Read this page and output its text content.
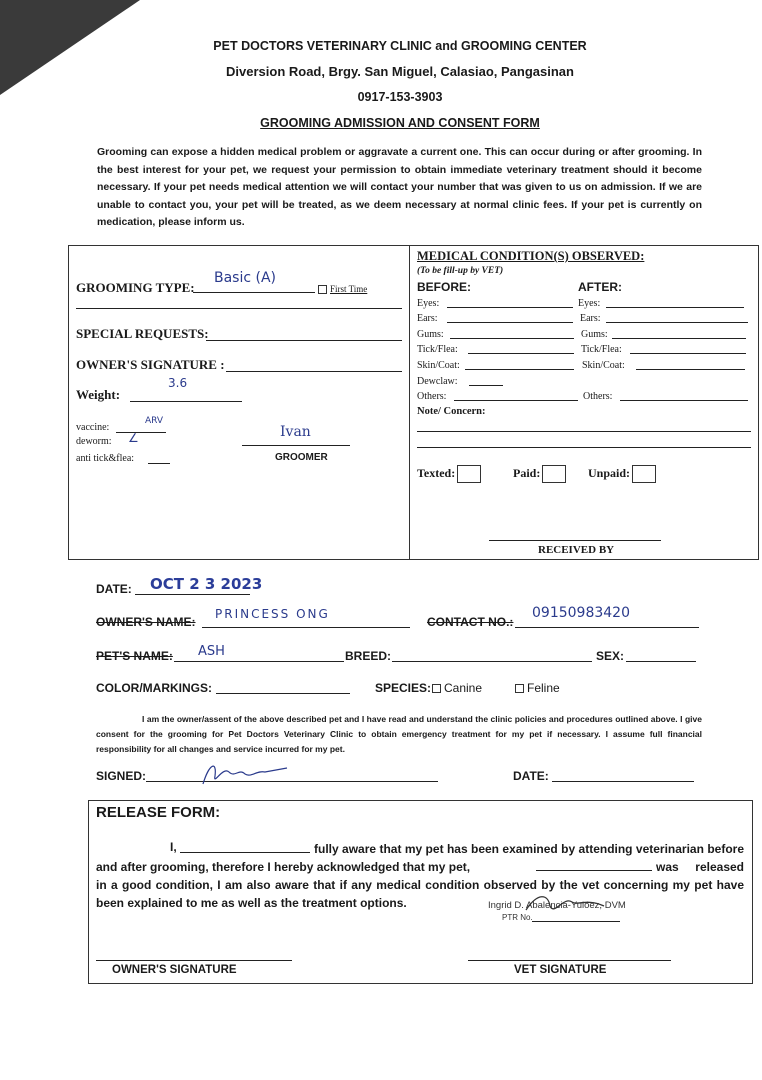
PET DOCTORS VETERINARY CLINIC and GROOMING CENTER
Diversion Road, Brgy. San Miguel, Calasiao, Pangasinan
0917-153-3903
GROOMING ADMISSION AND CONSENT FORM
Grooming can expose a hidden medical problem or aggravate a current one. This can occur during or after grooming. In the best interest for your pet, we request your permission to obtain immediate veterinary treatment should it become necessary. If your pet needs medical attention we will contact your number that was given to us on admission. If we are unable to contact you, your pet will be treated, as we deem necessary at normal clinic fees. If your pet is currently on medication, please inform us.
GROOMING TYPE:
Basic (A)
First Time
SPECIAL REQUESTS:
OWNER'S SIGNATURE :
Weight:
3.6
vaccine:
ARV
deworm: ∠
anti tick&flea:
Ivan
GROOMER
MEDICAL CONDITION(S) OBSERVED:
(To be fill-up by VET)
BEFORE:	AFTER:
Eyes:	Eyes:
Ears:	Ears:
Gums:	Gums:
Tick/Flea:	Tick/Flea:
Skin/Coat:	Skin/Coat:
Dewclaw:
Others:	Others:
Note/ Concern:
Texted:	Paid:	Unpaid:
RECEIVED BY
DATE: OCT 2 3 2023
OWNER'S NAME:
PRINCESS ONG
CONTACT NO.:
09150983420
PET'S NAME: ASH	BREED:	SEX:
COLOR/MARKINGS:	SPECIES:	Canine	Feline
I am the owner/assent of the above described pet and I have read and understand the clinic policies and procedures outlined above. I give consent for the grooming for Pet Doctors Veterinary Clinic to obtain emergency treatment for my pet if necessary. I assume full financial responsibility for all changes and service incurred for my pet.
SIGNED:	DATE:
RELEASE FORM:
I,	fully aware that my pet has been examined by attending veterinarian before and after grooming, therefore I hereby acknowledged that my pet,	was released in a good condition, I am also aware that if any medical condition observed by the vet concerning my pet have been explained to me as well as the treatment options.	Ingrid D. Abalencia-Yulóez, DVM
PTR No.
OWNER'S SIGNATURE	VET SIGNATURE
